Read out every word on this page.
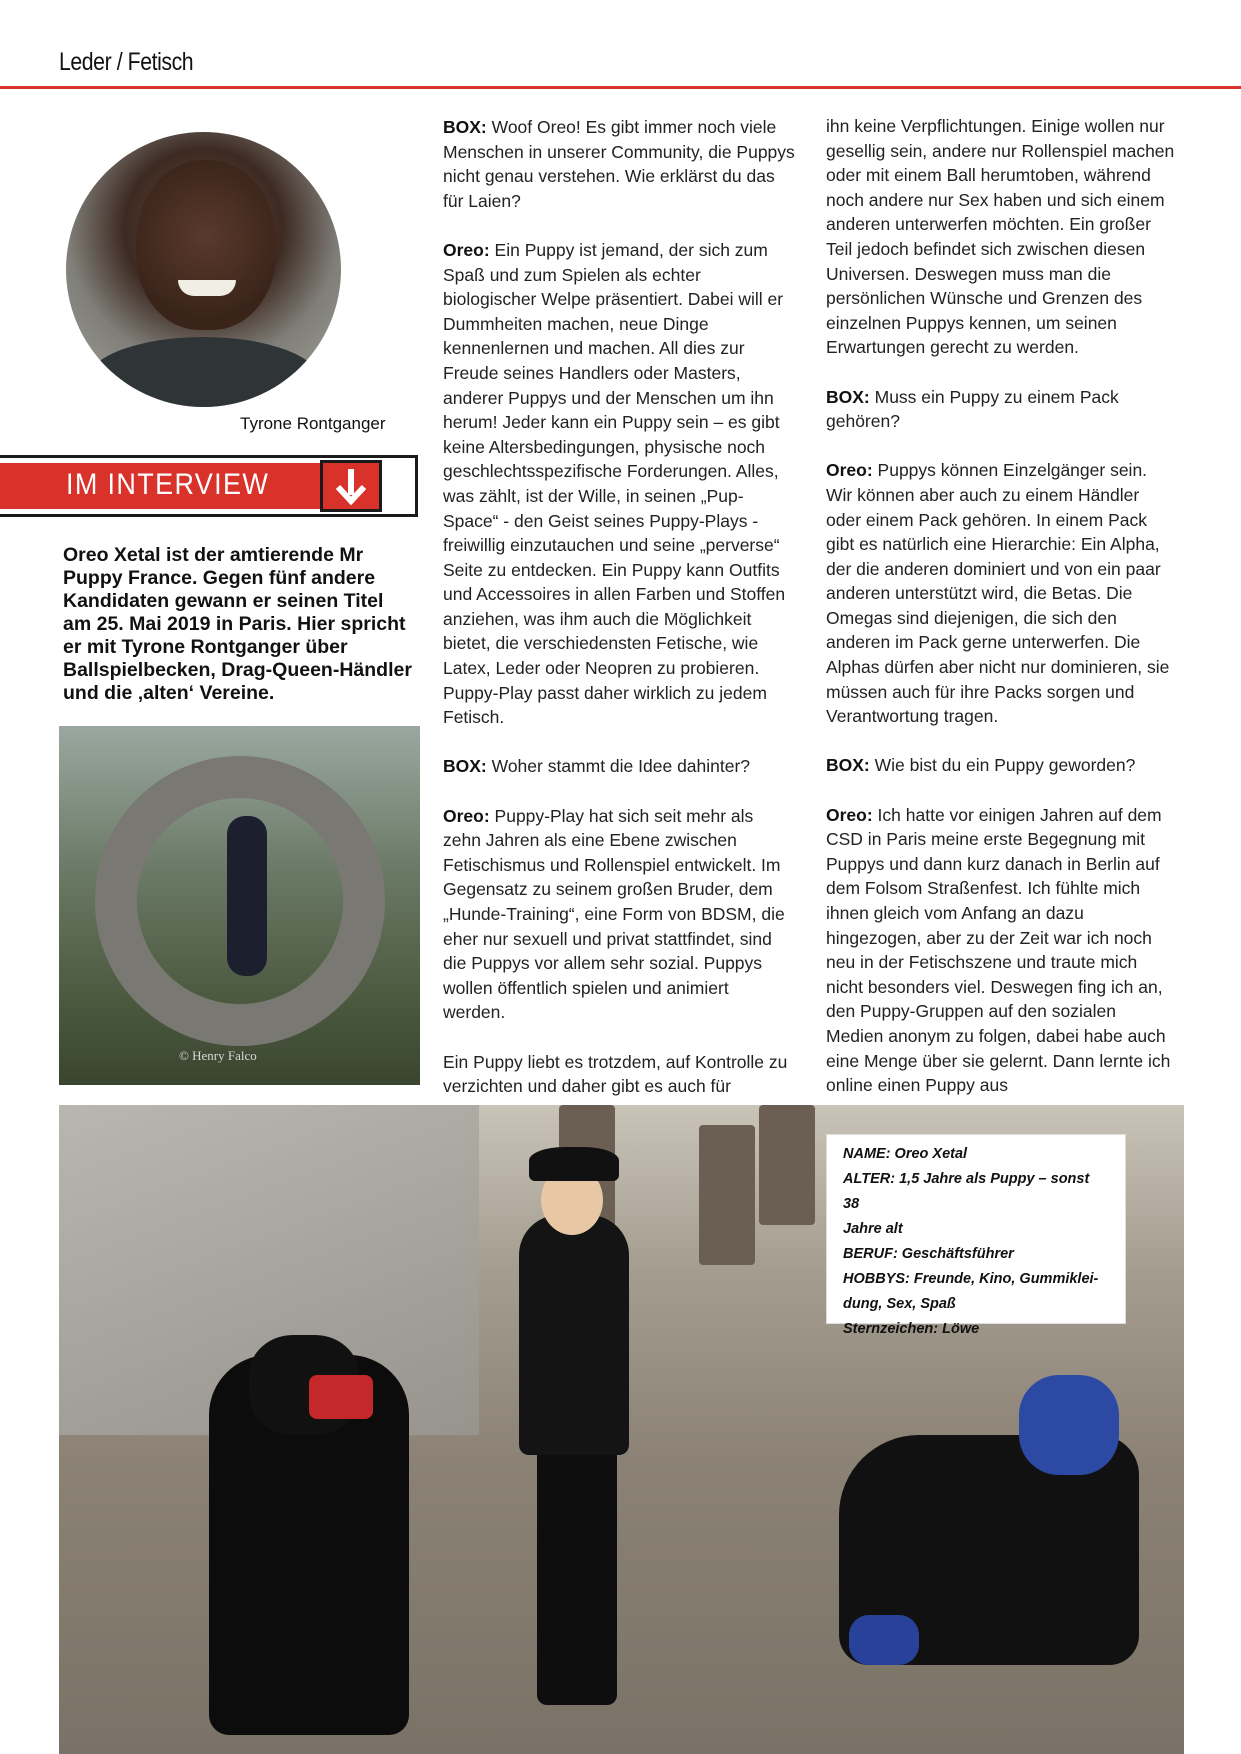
Leder / Fetisch
Tyrone Rontganger
IM INTERVIEW
Oreo Xetal ist der amtierende Mr Puppy France. Gegen fünf andere Kandidaten gewann er seinen Titel am 25. Mai 2019 in Paris. Hier spricht er mit Tyrone Rontganger über Ballspielbecken, Drag-Queen-Händler und die ‚alten‘ Vereine.
© Henry Falco

BOX: Woof Oreo! Es gibt immer noch viele Menschen in unserer Community, die Puppys nicht genau verstehen. Wie erklärst du das für Laien?

Oreo: Ein Puppy ist jemand, der sich zum Spaß und zum Spielen als echter biologischer Welpe präsentiert. Dabei will er Dummheiten machen, neue Dinge kennenlernen und machen. All dies zur Freude seines Handlers oder Masters, anderer Puppys und der Menschen um ihn herum! Jeder kann ein Puppy sein – es gibt keine Altersbedingungen, physische noch geschlechtsspezifische Forderungen. Alles, was zählt, ist der Wille, in seinen „Pup-Space“ - den Geist seines Puppy-Plays - freiwillig einzutauchen und seine „perverse“ Seite zu entdecken. Ein Puppy kann Outfits und Accessoires in allen Farben und Stoffen anziehen, was ihm auch die Möglichkeit bietet, die verschiedensten Fetische, wie Latex, Leder oder Neopren zu probieren. Puppy-Play passt daher wirklich zu jedem Fetisch.

BOX: Woher stammt die Idee dahinter?

Oreo: Puppy-Play hat sich seit mehr als zehn Jahren als eine Ebene zwischen Fetischismus und Rollenspiel entwickelt. Im Gegensatz zu seinem großen Bruder, dem „Hunde-Training“, eine Form von BDSM, die eher nur sexuell und privat stattfindet, sind die Puppys vor allem sehr sozial. Puppys wollen öffentlich spielen und animiert werden.

Ein Puppy liebt es trotzdem, auf Kontrolle zu verzichten und daher gibt es auch für

ihn keine Verpflichtungen. Einige wollen nur gesellig sein, andere nur Rollenspiel machen oder mit einem Ball herumtoben, während noch andere nur Sex haben und sich einem anderen unterwerfen möchten. Ein großer Teil jedoch befindet sich zwischen diesen Universen. Deswegen muss man die persönlichen Wünsche und Grenzen des einzelnen Puppys kennen, um seinen Erwartungen gerecht zu werden.

BOX: Muss ein Puppy zu einem Pack gehören?

Oreo: Puppys können Einzelgänger sein. Wir können aber auch zu einem Händler oder einem Pack gehören. In einem Pack gibt es natürlich eine Hierarchie: Ein Alpha, der die anderen dominiert und von ein paar anderen unterstützt wird, die Betas. Die Omegas sind diejenigen, die sich den anderen im Pack gerne unterwerfen. Die Alphas dürfen aber nicht nur dominieren, sie müssen auch für ihre Packs sorgen und Verantwortung tragen.

BOX: Wie bist du ein Puppy geworden?

Oreo: Ich hatte vor einigen Jahren auf dem CSD in Paris meine erste Begegnung mit Puppys und dann kurz danach in Berlin auf dem Folsom Straßenfest. Ich fühlte mich ihnen gleich vom Anfang an dazu hingezogen, aber zu der Zeit war ich noch neu in der Fetischszene und traute mich nicht besonders viel. Deswegen fing ich an, den Puppy-Gruppen auf den sozialen Medien anonym zu folgen, dabei habe auch eine Menge über sie gelernt. Dann lernte ich online einen Puppy aus

NAME: Oreo Xetal
ALTER: 1,5 Jahre als Puppy – sonst 38
Jahre alt
BERUF: Geschäftsführer
HOBBYS: Freunde, Kino, Gummiklei-
dung, Sex, Spaß
Sternzeichen: Löwe
